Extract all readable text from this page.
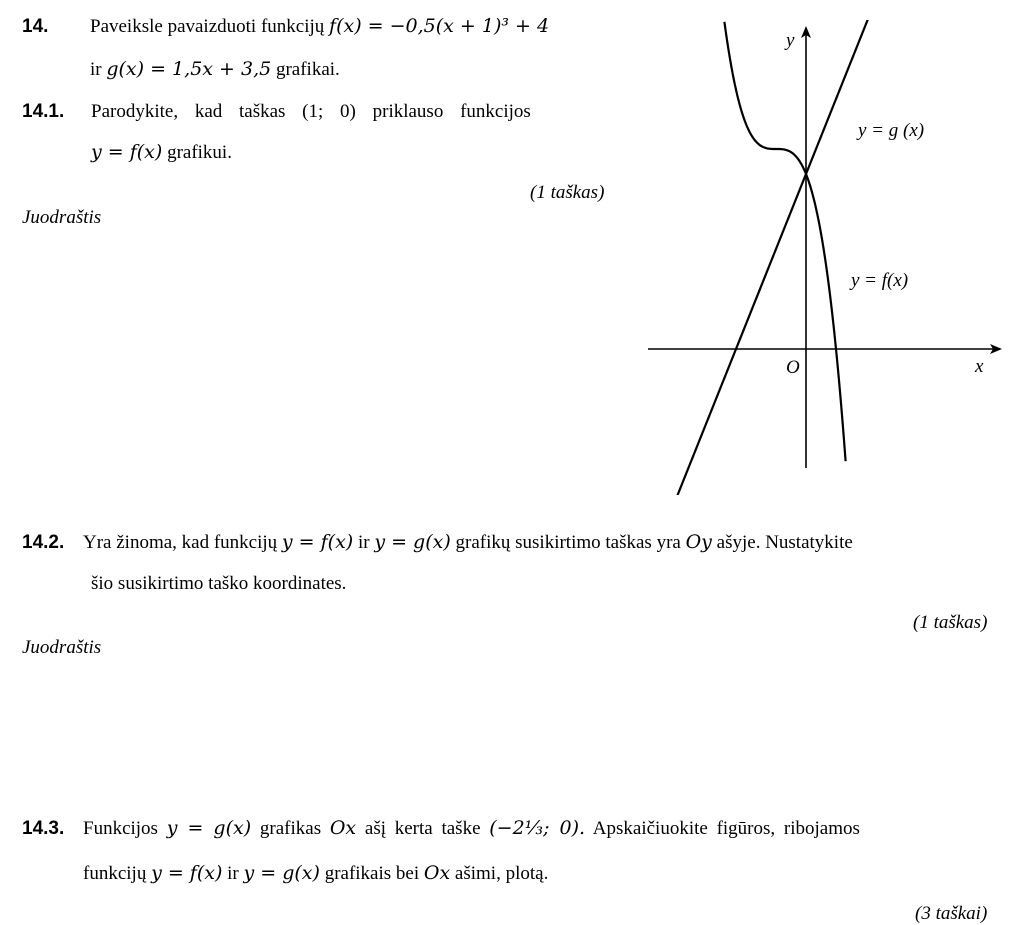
14. Paveiksle pavaizduoti funkcijų f(x) = −0,5(x + 1)³ + 4
ir g(x) = 1,5x + 3,5 grafikai.
14.1. Parodykite, kad taškas (1; 0) priklauso funkcijos
y = f(x) grafikui.
(1 taškas)
Juodraštis
y
x
O
y = g (x)
y = f(x)
14.2. Yra žinoma, kad funkcijų y = f(x) ir y = g(x) grafikų susikirtimo taškas yra Oy ašyje. Nustatykite
šio susikirtimo taško koordinates.
(1 taškas)
Juodraštis
14.3. Funkcijos y = g(x) grafikas Ox ašį kerta taške (−2⅓; 0). Apskaičiuokite figūros, ribojamos
funkcijų y = f(x) ir y = g(x) grafikais bei Ox ašimi, plotą.
(3 taškai)
